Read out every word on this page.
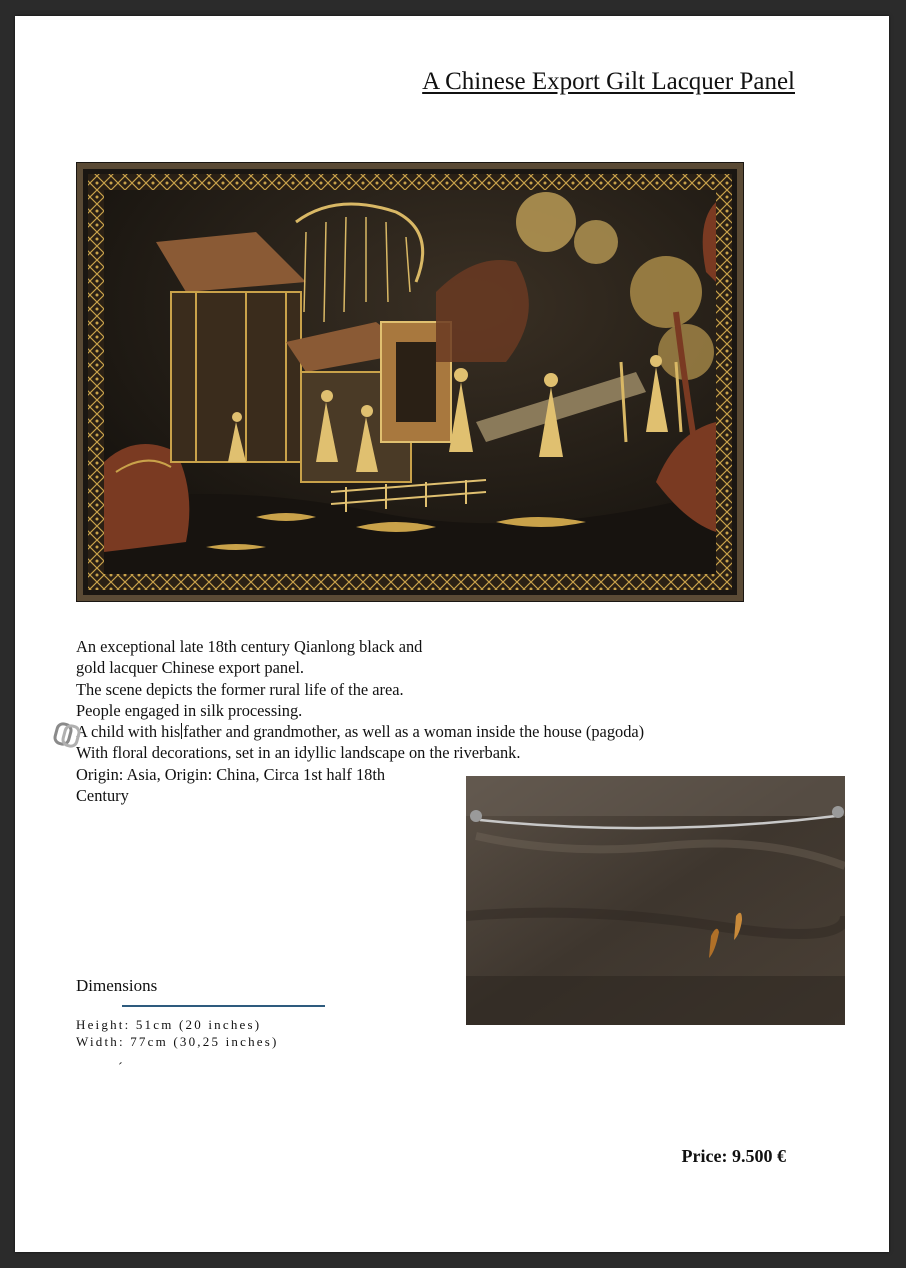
A Chinese Export Gilt Lacquer Panel
An exceptional late 18th century Qianlong black and
gold lacquer Chinese export panel.
The scene depicts the former rural life of the area.
People engaged in silk processing.
A child with his father and grandmother, as well as a woman inside the house (pagoda)
With floral decorations, set in an idyllic landscape on the riverbank.
Origin: Asia, Origin: China, Circa 1st half 18th
Century
Dimensions
Height: 51cm (20 inches)
Width: 77cm (30,25 inches)
´
Price: 9.500 €
